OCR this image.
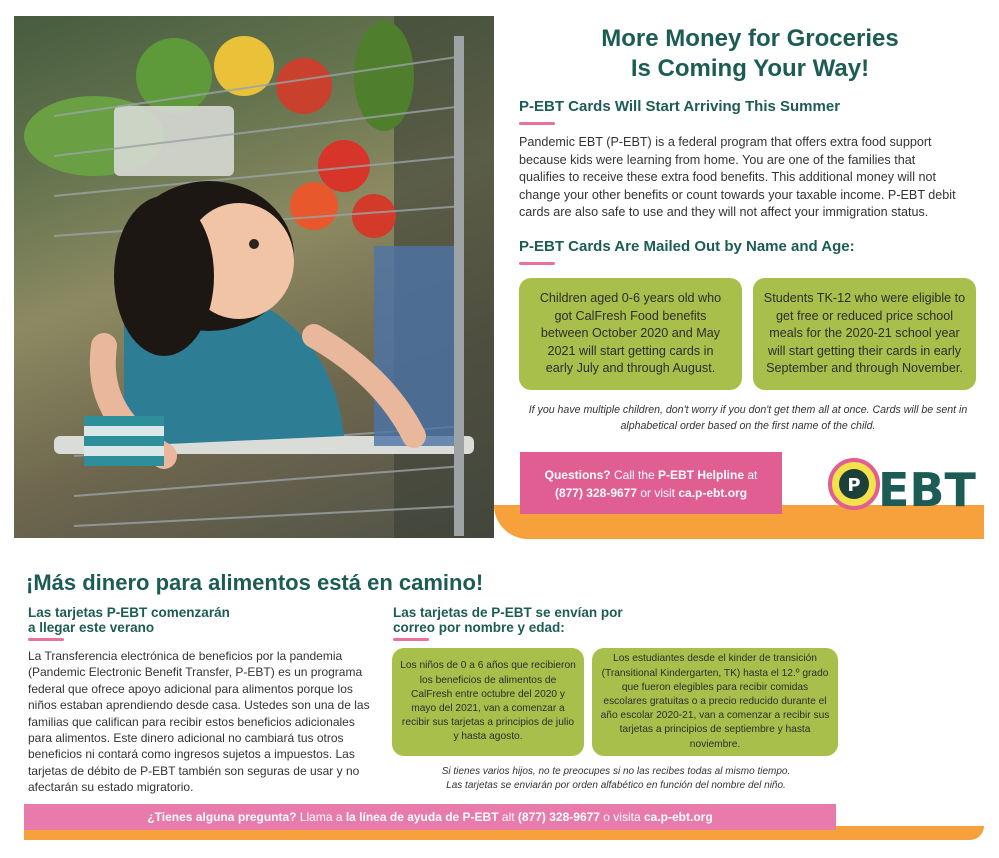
More Money for Groceries
Is Coming Your Way!
P-EBT Cards Will Start Arriving This Summer
Pandemic EBT (P-EBT) is a federal program that offers extra food support because kids were learning from home. You are one of the families that qualifies to receive these extra food benefits. This additional money will not change your other benefits or count towards your taxable income. P-EBT debit cards are also safe to use and they will not affect your immigration status.
P-EBT Cards Are Mailed Out by Name and Age:
Children aged 0-6 years old who got CalFresh Food benefits between October 2020 and May 2021 will start getting cards in early July and through August.
Students TK-12 who were eligible to get free or reduced price school meals for the 2020-21 school year will start getting their cards in early September and through November.
If you have multiple children, don't worry if you don't get them all at once. Cards will be sent in alphabetical order based on the first name of the child.
Questions? Call the P-EBT Helpline at
(877) 328-9677 or visit ca.p-ebt.org	P EBT
¡Más dinero para alimentos está en camino!
Las tarjetas P-EBT comenzarán
a llegar este verano
La Transferencia electrónica de beneficios por la pandemia (Pandemic Electronic Benefit Transfer, P-EBT) es un programa federal que ofrece apoyo adicional para alimentos porque los niños estaban aprendiendo desde casa. Ustedes son una de las familias que califican para recibir estos beneficios adicionales para alimentos. Este dinero adicional no cambiará tus otros beneficios ni contará como ingresos sujetos a impuestos. Las tarjetas de débito de P-EBT también son seguras de usar y no afectarán su estado migratorio.
Las tarjetas de P-EBT se envían por
correo por nombre y edad:
Los niños de 0 a 6 años que recibieron los beneficios de alimentos de CalFresh entre octubre del 2020 y mayo del 2021, van a comenzar a recibir sus tarjetas a principios de julio y hasta agosto.
Los estudiantes desde el kinder de transición (Transitional Kindergarten, TK) hasta el 12.º grado que fueron elegibles para recibir comidas escolares gratuitas o a precio reducido durante el año escolar 2020-21, van a comenzar a recibir sus tarjetas a principios de septiembre y hasta noviembre.
Si tienes varios hijos, no te preocupes si no las recibes todas al mismo tiempo.
Las tarjetas se enviarán por orden alfabético en función del nombre del niño.
¿Tienes alguna pregunta? Llama a la línea de ayuda de P-EBT alt (877) 328-9677 o visita ca.p-ebt.org
